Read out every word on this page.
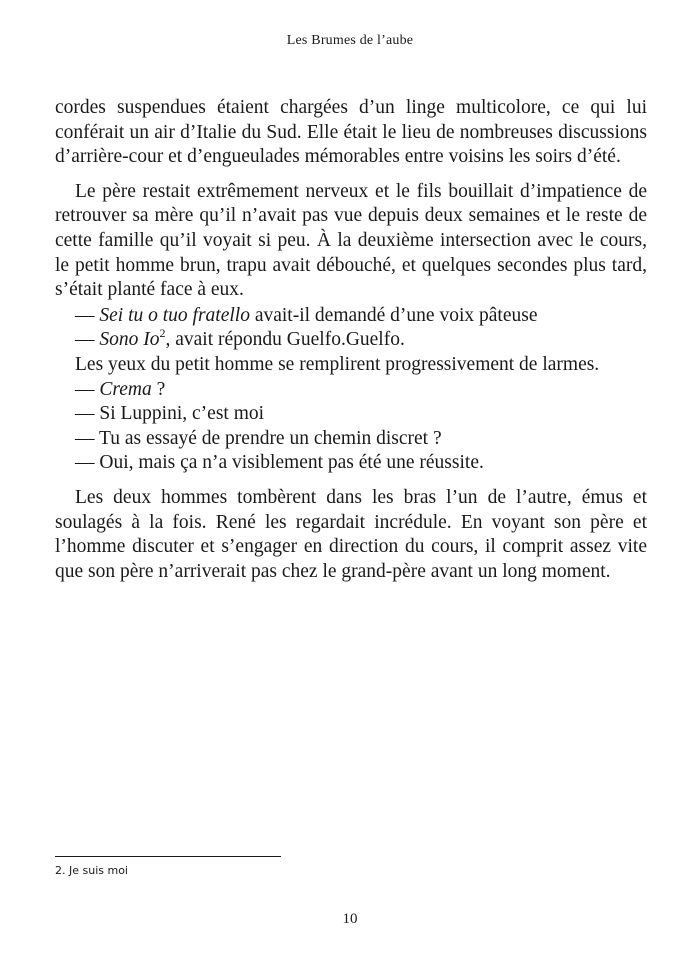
Les Brumes de l’aube

cordes suspendues étaient chargées d’un linge multicolore, ce qui lui conférait un air d’Italie du Sud. Elle était le lieu de nombreuses discussions d’arrière-cour et d’engueulades mémorables entre voisins les soirs d’été.

Le père restait extrêmement nerveux et le fils bouillait d’impatience de retrouver sa mère qu’il n’avait pas vue depuis deux semaines et le reste de cette famille qu’il voyait si peu. À la deuxième intersection avec le cours, le petit homme brun, trapu avait débouché, et quelques secondes plus tard, s’était planté face à eux.

— Sei tu o tuo fratello avait-il demandé d’une voix pâteuse

— Sono Io$^2$, avait répondu Guelfo.Guelfo.

Les yeux du petit homme se remplirent progressivement de larmes.

— Crema ?

— Si Luppini, c’est moi

— Tu as essayé de prendre un chemin discret ?

— Oui, mais ça n’a visiblement pas été une réussite.

Les deux hommes tombèrent dans les bras l’un de l’autre, émus et soulagés à la fois. René les regardait incrédule. En voyant son père et l’homme discuter et s’engager en direction du cours, il comprit assez vite que son père n’arriverait pas chez le grand-père avant un long moment.

2. Je suis moi
10
